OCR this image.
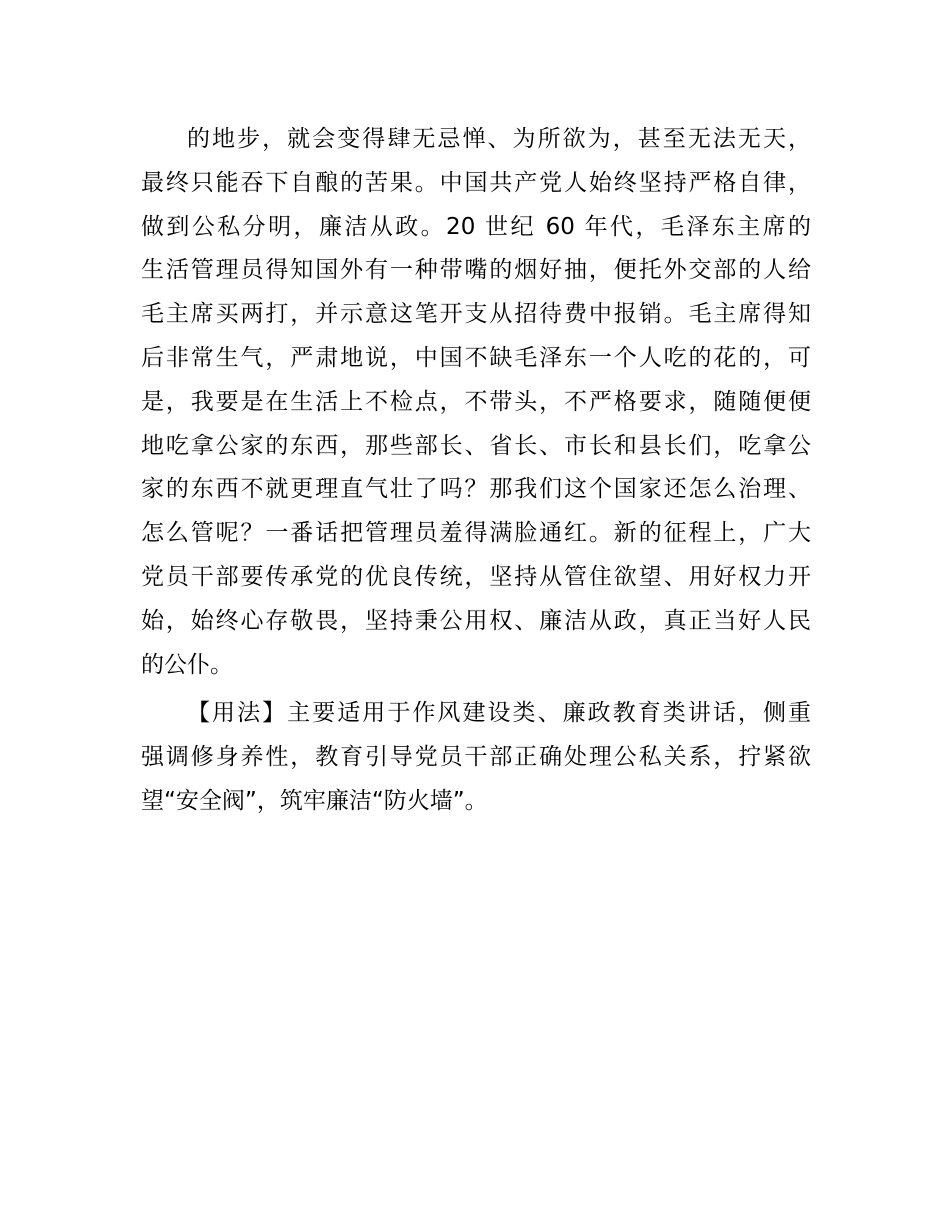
的地步，就会变得肆无忌惮、为所欲为，甚至无法无天，
最终只能吞下自酿的苦果。中国共产党人始终坚持严格自律，
做到公私分明，廉洁从政。20 世纪 60 年代，毛泽东主席的
生活管理员得知国外有一种带嘴的烟好抽，便托外交部的人给
毛主席买两打，并示意这笔开支从招待费中报销。毛主席得知
后非常生气，严肃地说，中国不缺毛泽东一个人吃的花的，可
是，我要是在生活上不检点，不带头，不严格要求，随随便便
地吃拿公家的东西，那些部长、省长、市长和县长们，吃拿公
家的东西不就更理直气壮了吗？那我们这个国家还怎么治理、
怎么管呢？一番话把管理员羞得满脸通红。新的征程上，广大
党员干部要传承党的优良传统，坚持从管住欲望、用好权力开
始，始终心存敬畏，坚持秉公用权、廉洁从政，真正当好人民
的公仆。
【用法】主要适用于作风建设类、廉政教育类讲话，侧重
强调修身养性，教育引导党员干部正确处理公私关系，拧紧欲
望“安全阀”，筑牢廉洁“防火墙”。
